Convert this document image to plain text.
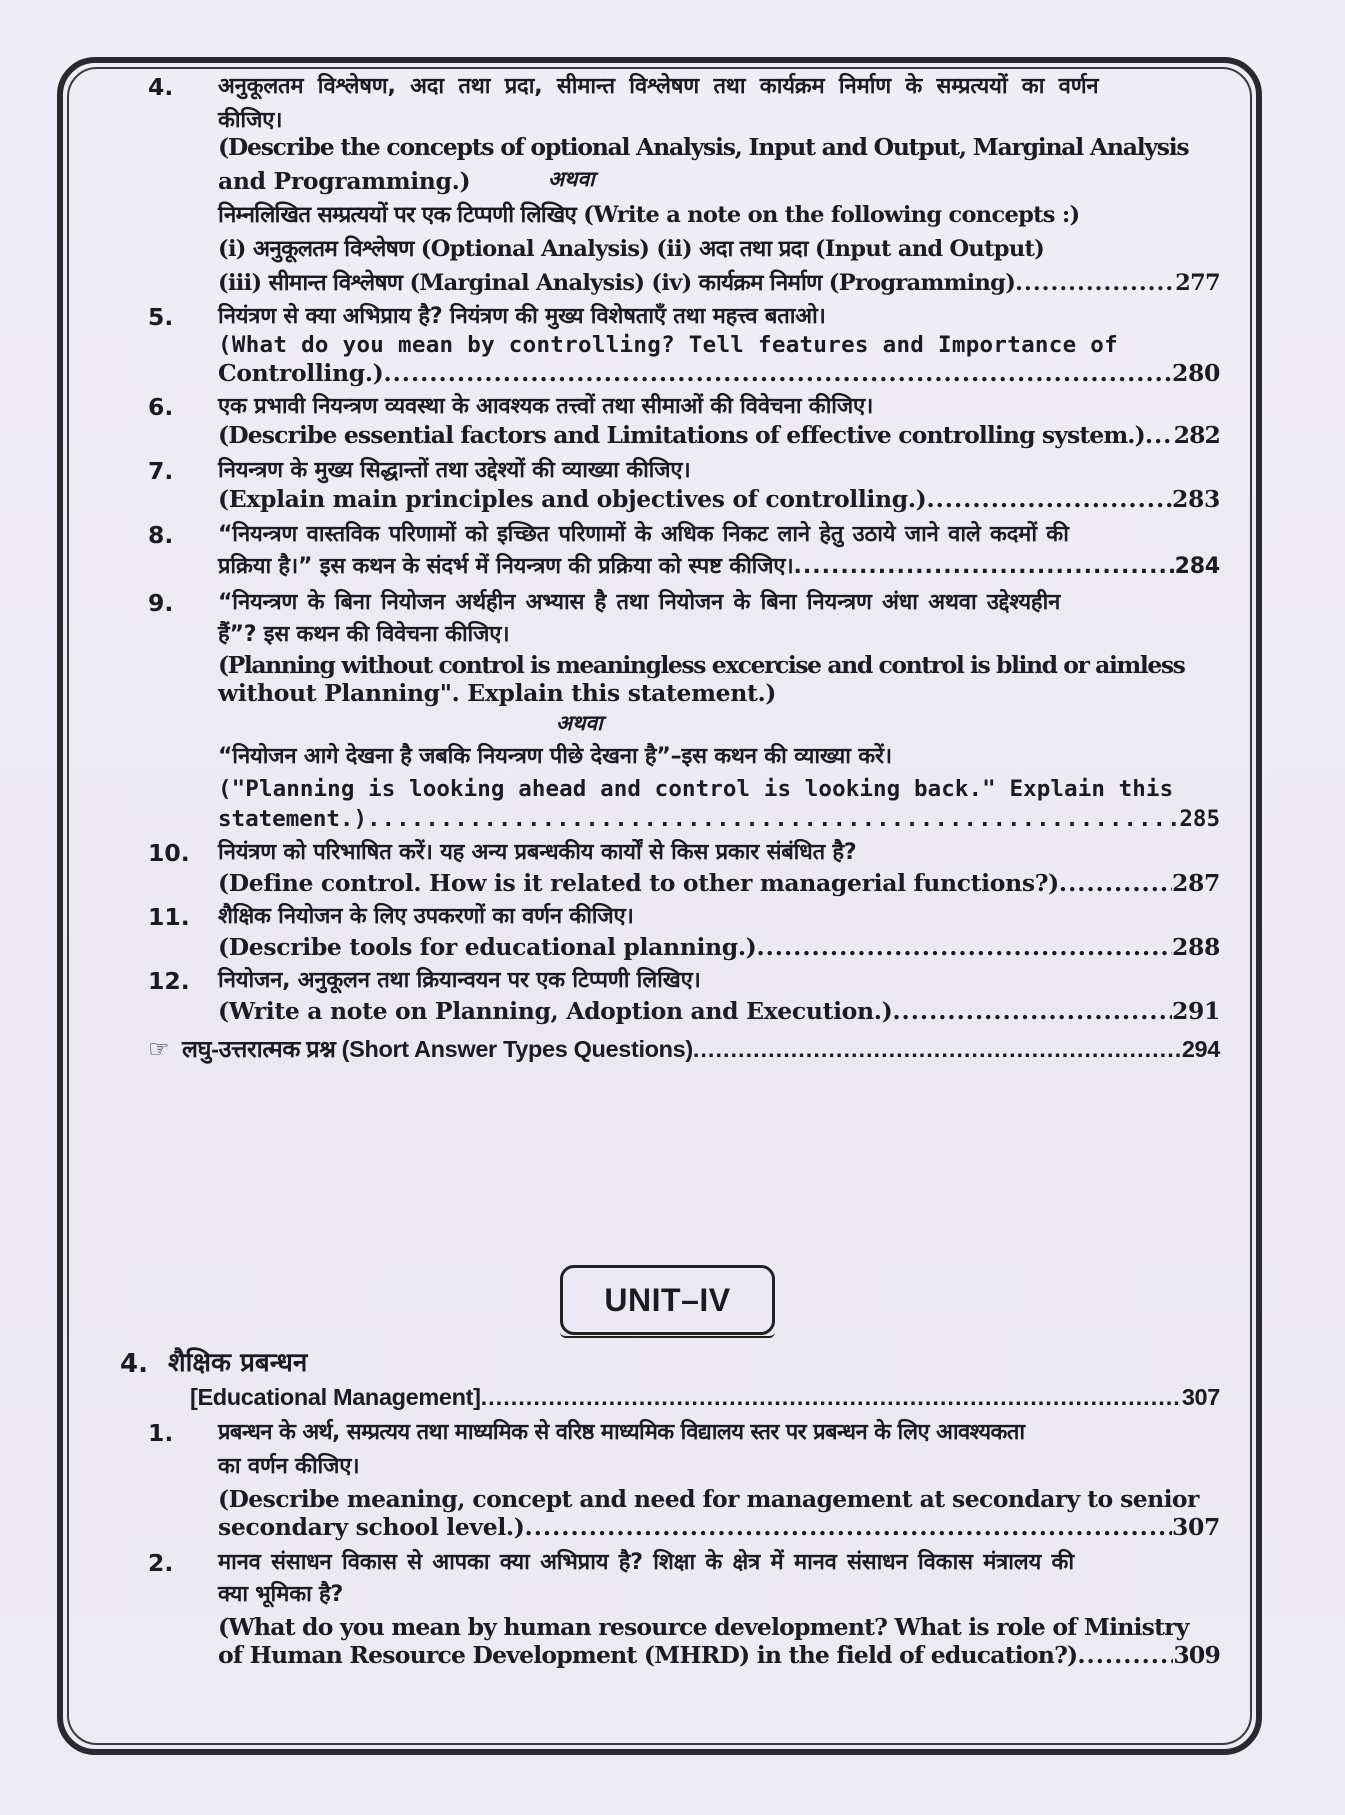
4. अनुकूलतम विश्लेषण, अदा तथा प्रदा, सीमान्त विश्लेषण तथा कार्यक्रम निर्माण के सम्प्रत्ययों का वर्णन
कीजिए।
(Describe the concepts of optional Analysis, Input and Output, Marginal Analysis
and Programming.)	अथवा
निम्नलिखित सम्प्रत्ययों पर एक टिप्पणी लिखिए (Write a note on the following concepts :)
(i) अनुकूलतम विश्लेषण (Optional Analysis) (ii) अदा तथा प्रदा (Input and Output)
(iii) सीमान्त विश्लेषण (Marginal Analysis) (iv) कार्यक्रम निर्माण (Programming) .....	277
5. नियंत्रण से क्या अभिप्राय है? नियंत्रण की मुख्य विशेषताएँ तथा महत्त्व बताओ।
(What do you mean by controlling? Tell features and Importance of
Controlling.) .....	280
6. एक प्रभावी नियन्त्रण व्यवस्था के आवश्यक तत्त्वों तथा सीमाओं की विवेचना कीजिए।
(Describe essential factors and Limitations of effective controlling system.) ..... 282
7. नियन्त्रण के मुख्य सिद्धान्तों तथा उद्देश्यों की व्याख्या कीजिए।
(Explain main principles and objectives of controlling.) .....	283
8. “नियन्त्रण वास्तविक परिणामों को इच्छित परिणामों के अधिक निकट लाने हेतु उठाये जाने वाले कदमों की
प्रक्रिया है।” इस कथन के संदर्भ में नियन्त्रण की प्रक्रिया को स्पष्ट कीजिए। .....	284
9. “नियन्त्रण के बिना नियोजन अर्थहीन अभ्यास है तथा नियोजन के बिना नियन्त्रण अंधा अथवा उद्देश्यहीन
हैं”? इस कथन की विवेचना कीजिए।
(Planning without control is meaningless excercise and control is blind or aimless
without Planning". Explain this statement.)
अथवा
“नियोजन आगे देखना है जबकि नियन्त्रण पीछे देखना है”–इस कथन की व्याख्या करें।
("Planning is looking ahead and control is looking back." Explain this
statement.) .....	285
10. नियंत्रण को परिभाषित करें। यह अन्य प्रबन्धकीय कार्यों से किस प्रकार संबंधित है?
(Define control. How is it related to other managerial functions?) .....	287
11. शैक्षिक नियोजन के लिए उपकरणों का वर्णन कीजिए।
(Describe tools for educational planning.) .....	288
12. नियोजन, अनुकूलन तथा क्रियान्वयन पर एक टिप्पणी लिखिए।
(Write a note on Planning, Adoption and Execution.) .....	291
☞ लघु-उत्तरात्मक प्रश्न (Short Answer Types Questions) .....	294
UNIT–IV
4. शैक्षिक प्रबन्धन
[Educational Management] .....	307
1. प्रबन्धन के अर्थ, सम्प्रत्यय तथा माध्यमिक से वरिष्ठ माध्यमिक विद्यालय स्तर पर प्रबन्धन के लिए आवश्यकता
का वर्णन कीजिए।
(Describe meaning, concept and need for management at secondary to senior
secondary school level.) .....	307
2. मानव संसाधन विकास से आपका क्या अभिप्राय है? शिक्षा के क्षेत्र में मानव संसाधन विकास मंत्रालय की
क्या भूमिका है?
(What do you mean by human resource development? What is role of Ministry
of Human Resource Development (MHRD) in the field of education?) .....	309
